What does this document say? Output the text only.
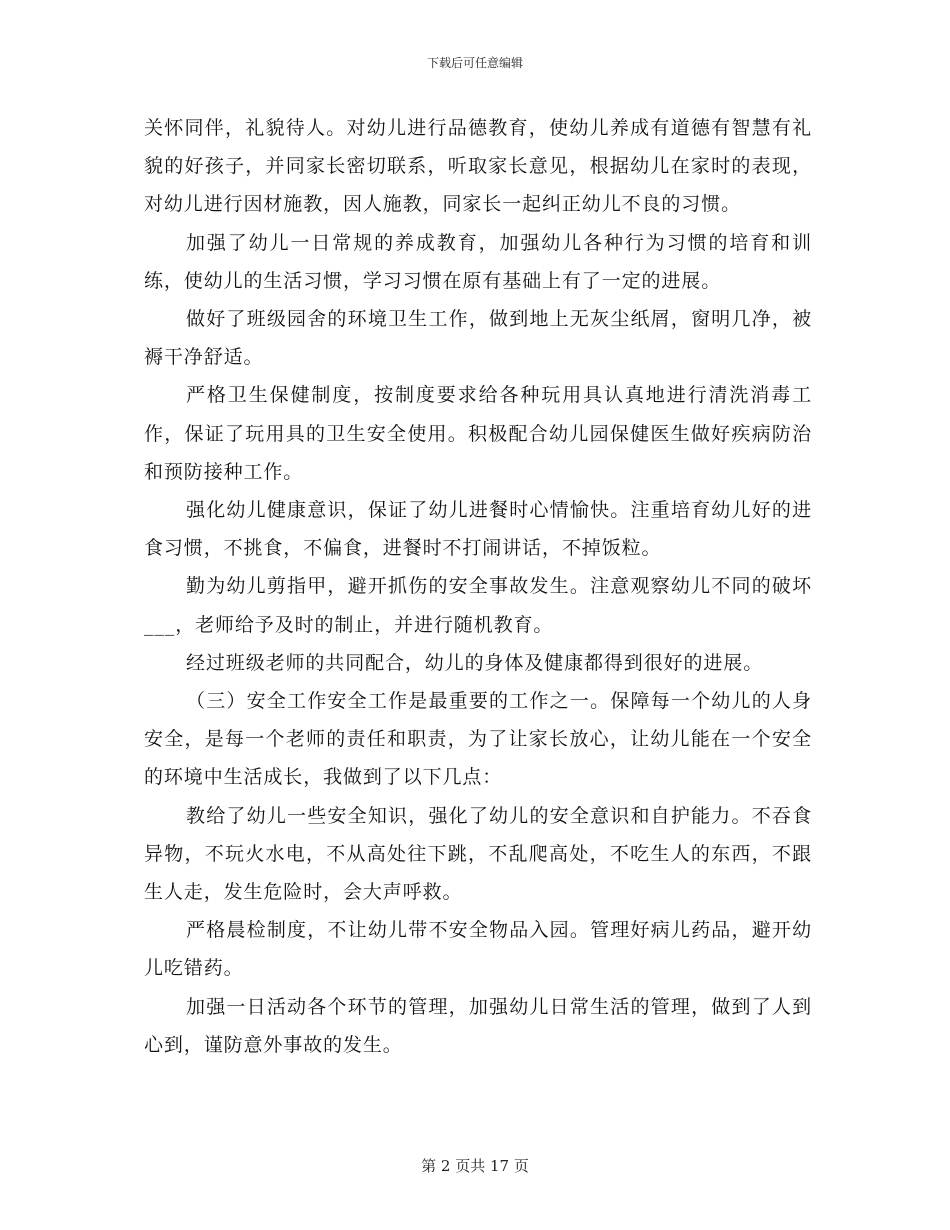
下载后可任意编辑

关怀同伴，礼貌待人。对幼儿进行品德教育，使幼儿养成有道德有智慧有礼貌的好孩子，并同家长密切联系，听取家长意见，根据幼儿在家时的表现，对幼儿进行因材施教，因人施教，同家长一起纠正幼儿不良的习惯。

加强了幼儿一日常规的养成教育，加强幼儿各种行为习惯的培育和训练，使幼儿的生活习惯，学习习惯在原有基础上有了一定的进展。

做好了班级园舍的环境卫生工作，做到地上无灰尘纸屑，窗明几净，被褥干净舒适。

严格卫生保健制度，按制度要求给各种玩用具认真地进行清洗消毒工作，保证了玩用具的卫生安全使用。积极配合幼儿园保健医生做好疾病防治和预防接种工作。

强化幼儿健康意识，保证了幼儿进餐时心情愉快。注重培育幼儿好的进食习惯，不挑食，不偏食，进餐时不打闹讲话，不掉饭粒。

勤为幼儿剪指甲，避开抓伤的安全事故发生。注意观察幼儿不同的破坏___，老师给予及时的制止，并进行随机教育。

经过班级老师的共同配合，幼儿的身体及健康都得到很好的进展。

（三）安全工作安全工作是最重要的工作之一。保障每一个幼儿的人身安全，是每一个老师的责任和职责，为了让家长放心，让幼儿能在一个安全的环境中生活成长，我做到了以下几点：

教给了幼儿一些安全知识，强化了幼儿的安全意识和自护能力。不吞食异物，不玩火水电，不从高处往下跳，不乱爬高处，不吃生人的东西，不跟生人走，发生危险时，会大声呼救。

严格晨检制度，不让幼儿带不安全物品入园。管理好病儿药品，避开幼儿吃错药。

加强一日活动各个环节的管理，加强幼儿日常生活的管理，做到了人到心到，谨防意外事故的发生。

第 2 页共 17 页
